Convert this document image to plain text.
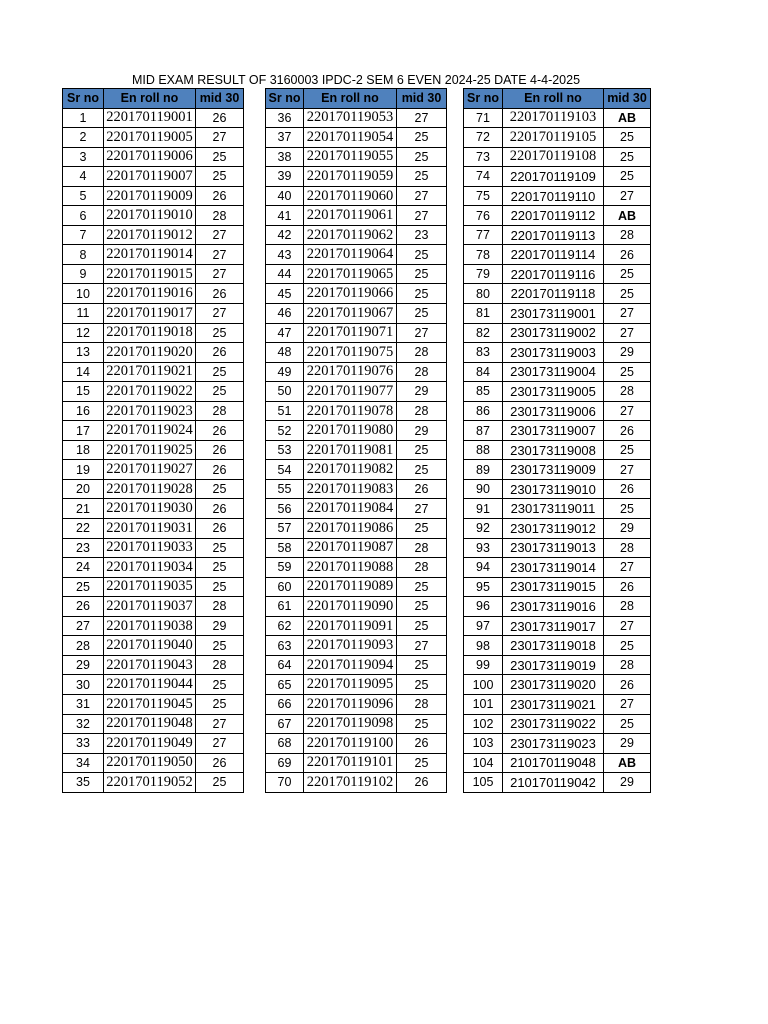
MID EXAM RESULT OF 3160003 IPDC-2 SEM 6 EVEN 2024-25 DATE 4-4-2025
Sr no	En roll no	mid 30
1	220170119001	26
2	220170119005	27
3	220170119006	25
4	220170119007	25
5	220170119009	26
6	220170119010	28
7	220170119012	27
8	220170119014	27
9	220170119015	27
10	220170119016	26
11	220170119017	27
12	220170119018	25
13	220170119020	26
14	220170119021	25
15	220170119022	25
16	220170119023	28
17	220170119024	26
18	220170119025	26
19	220170119027	26
20	220170119028	25
21	220170119030	26
22	220170119031	26
23	220170119033	25
24	220170119034	25
25	220170119035	25
26	220170119037	28
27	220170119038	29
28	220170119040	25
29	220170119043	28
30	220170119044	25
31	220170119045	25
32	220170119048	27
33	220170119049	27
34	220170119050	26
35	220170119052	25
Sr no	En roll no	mid 30
36	220170119053	27
37	220170119054	25
38	220170119055	25
39	220170119059	25
40	220170119060	27
41	220170119061	27
42	220170119062	23
43	220170119064	25
44	220170119065	25
45	220170119066	25
46	220170119067	25
47	220170119071	27
48	220170119075	28
49	220170119076	28
50	220170119077	29
51	220170119078	28
52	220170119080	29
53	220170119081	25
54	220170119082	25
55	220170119083	26
56	220170119084	27
57	220170119086	25
58	220170119087	28
59	220170119088	28
60	220170119089	25
61	220170119090	25
62	220170119091	25
63	220170119093	27
64	220170119094	25
65	220170119095	25
66	220170119096	28
67	220170119098	25
68	220170119100	26
69	220170119101	25
70	220170119102	26
Sr no	En roll no	mid 30
71	220170119103	AB
72	220170119105	25
73	220170119108	25
74	220170119109	25
75	220170119110	27
76	220170119112	AB
77	220170119113	28
78	220170119114	26
79	220170119116	25
80	220170119118	25
81	230173119001	27
82	230173119002	27
83	230173119003	29
84	230173119004	25
85	230173119005	28
86	230173119006	27
87	230173119007	26
88	230173119008	25
89	230173119009	27
90	230173119010	26
91	230173119011	25
92	230173119012	29
93	230173119013	28
94	230173119014	27
95	230173119015	26
96	230173119016	28
97	230173119017	27
98	230173119018	25
99	230173119019	28
100	230173119020	26
101	230173119021	27
102	230173119022	25
103	230173119023	29
104	210170119048	AB
105	210170119042	29
